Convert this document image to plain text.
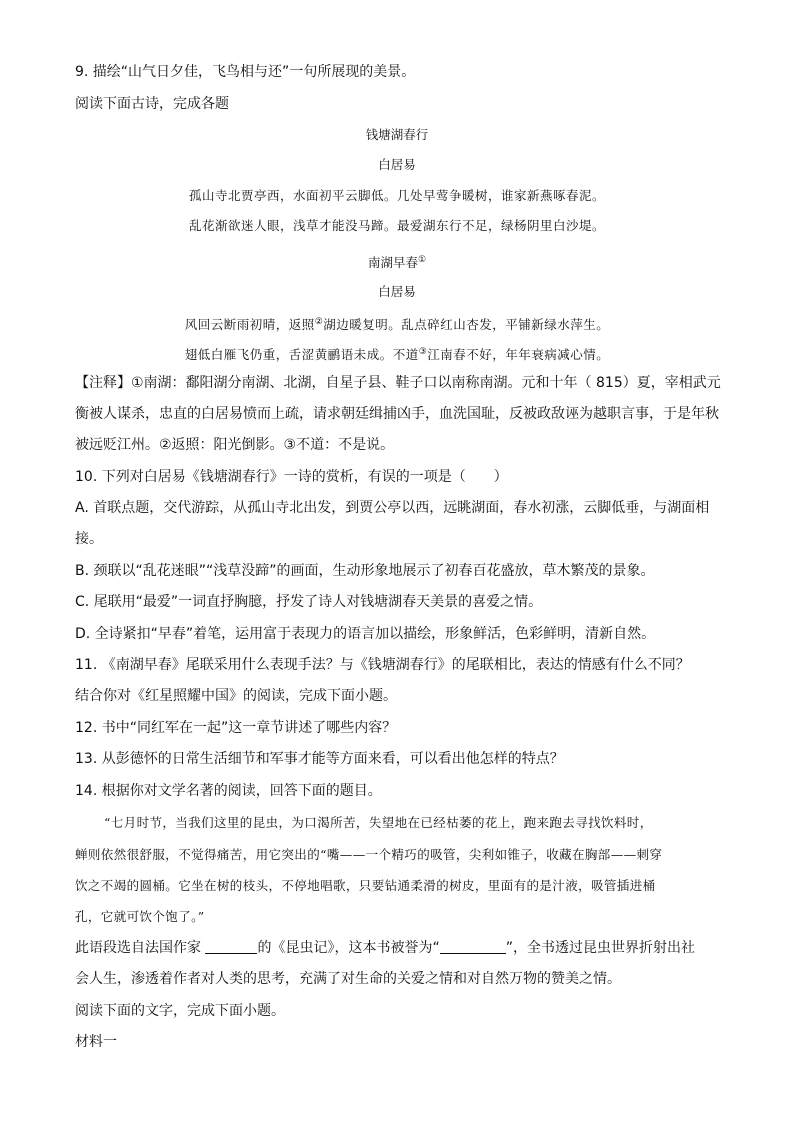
9. 描绘“山气日夕佳，飞鸟相与还”一句所展现的美景。
阅读下面古诗，完成各题
钱塘湖春行
白居易
孤山寺北贾亭西，水面初平云脚低。几处早莺争暖树，谁家新燕啄春泥。
乱花渐欲迷人眼，浅草才能没马蹄。最爱湖东行不足，绿杨阴里白沙堤。
南湖早春①
白居易
风回云断雨初晴，返照②湖边暖复明。乱点碎红山杏发，平铺新绿水萍生。
翅低白雁飞仍重，舌涩黄鹂语未成。不道③江南春不好，年年衰病减心情。
【注释】①南湖：鄱阳湖分南湖、北湖，自星子县、鞋子口以南称南湖。元和十年（ 815）夏，宰相武元
衡被人谋杀，忠直的白居易愤而上疏，请求朝廷缉捕凶手，血洗国耻，反被政敌诬为越职言事，于是年秋
被远贬江州。②返照：阳光倒影。③不道：不是说。
10. 下列对白居易《钱塘湖春行》一诗的赏析，有误的一项是（　　）
A. 首联点题，交代游踪，从孤山寺北出发，到贾公亭以西，远眺湖面，春水初涨，云脚低垂，与湖面相
接。
B. 颈联以“乱花迷眼”“浅草没蹄”的画面，生动形象地展示了初春百花盛放，草木繁茂的景象。
C. 尾联用“最爱”一词直抒胸臆，抒发了诗人对钱塘湖春天美景的喜爱之情。
D. 全诗紧扣“早春”着笔，运用富于表现力的语言加以描绘，形象鲜活，色彩鲜明，清新自然。
11. 《南湖早春》尾联采用什么表现手法？与《钱塘湖春行》的尾联相比，表达的情感有什么不同？
结合你对《红星照耀中国》的阅读，完成下面小题。
12. 书中“同红军在一起”这一章节讲述了哪些内容？
13. 从彭德怀的日常生活细节和军事才能等方面来看，可以看出他怎样的特点？
14. 根据你对文学名著的阅读，回答下面的题目。
“七月时节，当我们这里的昆虫，为口渴所苦，失望地在已经枯萎的花上，跑来跑去寻找饮料时，
蝉则依然很舒服，不觉得痛苦，用它突出的“嘴——一个精巧的吸管，尖利如锥子，收藏在胸部——刺穿
饮之不竭的圆桶。它坐在树的枝头，不停地唱歌，只要钻通柔滑的树皮，里面有的是汁液，吸管插进桶
孔，它就可饮个饱了。”
此语段选自法国作家	的《昆虫记》，这本书被誉为“	”，全书透过昆虫世界折射出社
会人生，渗透着作者对人类的思考，充满了对生命的关爱之情和对自然万物的赞美之情。
阅读下面的文字，完成下面小题。
材料一
